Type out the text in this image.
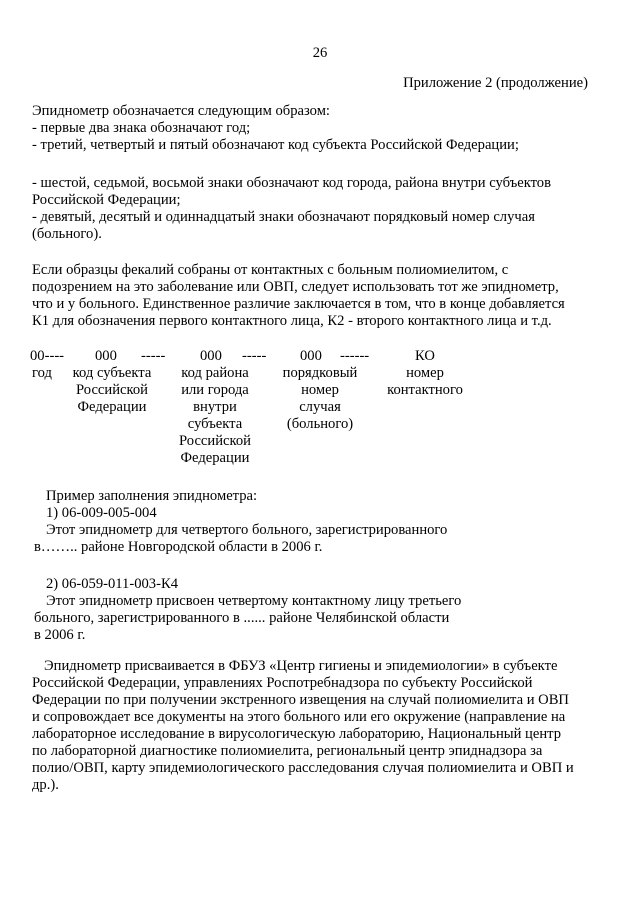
26
Приложение 2 (продолжение)
Эпиднометр обозначается следующим образом:
- первые два знака обозначают год;
- третий, четвертый и пятый обозначают код субъекта Российской Федерации;
- шестой, седьмой, восьмой знаки обозначают код города, района внутри субъектов
Российской Федерации;
- девятый, десятый и одиннадцатый знаки обозначают порядковый номер случая
(больного).
Если образцы фекалий собраны от контактных с больным полиомиелитом, с
подозрением на это заболевание или ОВП, следует использовать тот же эпиднометр,
что и у больного. Единственное различие заключается в том, что в конце добавляется
К1 для обозначения первого контактного лица, К2 - второго контактного лица и т.д.
00---- 000 ----- 000 ----- 000 ------	КО
год	код субъекта
Российской
Федерации
код района
или города
внутри
субъекта
Российской
Федерации
порядковый
номер
случая
(больного)
номер
контактного
Пример заполнения эпиднометра:
1) 06-009-005-004
Этот эпиднометр для четвертого больного, зарегистрированного
в…….. районе Новгородской области в 2006 г.
2) 06-059-011-003-К4
Этот эпиднометр присвоен четвертому контактному лицу третьего
больного, зарегистрированного в ...... районе Челябинской области
в 2006 г.
Эпиднометр присваивается в ФБУЗ «Центр гигиены и эпидемиологии» в субъекте
Российской Федерации, управлениях Роспотребнадзора по субъекту Российской
Федерации по при получении экстренного извещения на случай полиомиелита и ОВП
и сопровождает все документы на этого больного или его окружение (направление на
лабораторное исследование в вирусологическую лабораторию, Национальный центр
по лабораторной диагностике полиомиелита, региональный центр эпиднадзора за
полио/ОВП, карту эпидемиологического расследования случая полиомиелита и ОВП и
др.).
